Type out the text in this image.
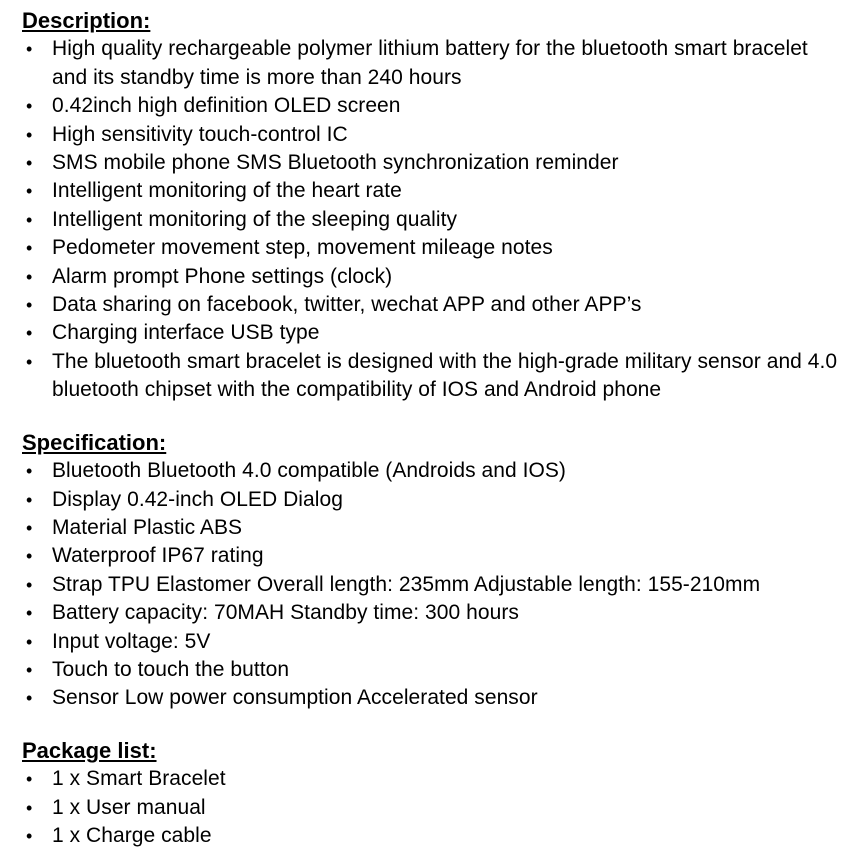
Description:
• High quality rechargeable polymer lithium battery for the bluetooth smart bracelet and its standby time is more than 240 hours
• 0.42inch high definition OLED screen
• High sensitivity touch-control IC
• SMS mobile phone SMS Bluetooth synchronization reminder
• Intelligent monitoring of the heart rate
• Intelligent monitoring of the sleeping quality
• Pedometer movement step, movement mileage notes
• Alarm prompt Phone settings (clock)
• Data sharing on facebook, twitter, wechat APP and other APP’s
• Charging interface USB type
• The bluetooth smart bracelet is designed with the high-grade military sensor and 4.0 bluetooth chipset with the compatibility of IOS and Android phone
Specification:
• Bluetooth Bluetooth 4.0 compatible (Androids and IOS)
• Display 0.42-inch OLED Dialog
• Material Plastic ABS
• Waterproof IP67 rating
• Strap TPU Elastomer Overall length: 235mm Adjustable length: 155-210mm
• Battery capacity: 70MAH Standby time: 300 hours
• Input voltage: 5V
• Touch to touch the button
• Sensor Low power consumption Accelerated sensor
Package list:
• 1 x Smart Bracelet
• 1 x User manual
• 1 x Charge cable
